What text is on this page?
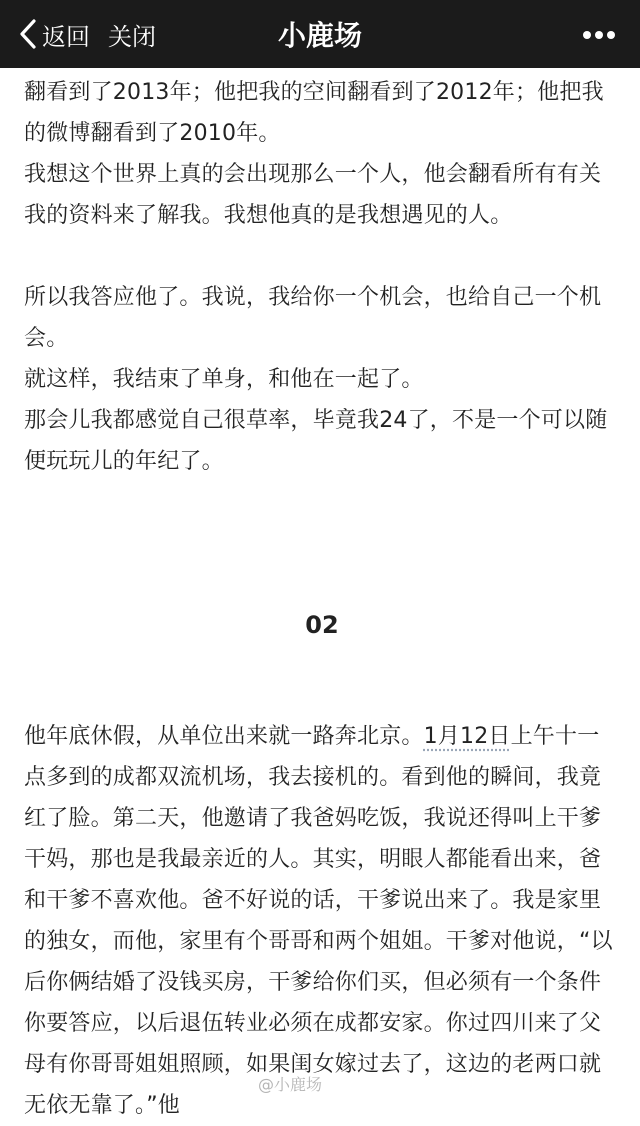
返回 关闭	小鹿场

翻看到了2013年；他把我的空间翻看到了2012年；他把我的微博翻看到了2010年。

我想这个世界上真的会出现那么一个人，他会翻看所有有关我的资料来了解我。我想他真的是我想遇见的人。

所以我答应他了。我说，我给你一个机会，也给自己一个机会。

就这样，我结束了单身，和他在一起了。

那会儿我都感觉自己很草率，毕竟我24了，不是一个可以随便玩玩儿的年纪了。

02

他年底休假，从单位出来就一路奔北京。1月12日上午十一点多到的成都双流机场，我去接机的。看到他的瞬间，我竟红了脸。第二天，他邀请了我爸妈吃饭，我说还得叫上干爹干妈，那也是我最亲近的人。其实，明眼人都能看出来，爸和干爹不喜欢他。爸不好说的话，干爹说出来了。我是家里的独女，而他，家里有个哥哥和两个姐姐。干爹对他说，“以后你俩结婚了没钱买房，干爹给你们买，但必须有一个条件你要答应，以后退伍转业必须在成都安家。你过四川来了父母有你哥哥姐姐照顾，如果闺女嫁过去了，这边的老两口就无依无靠了。”他

@小鹿场
